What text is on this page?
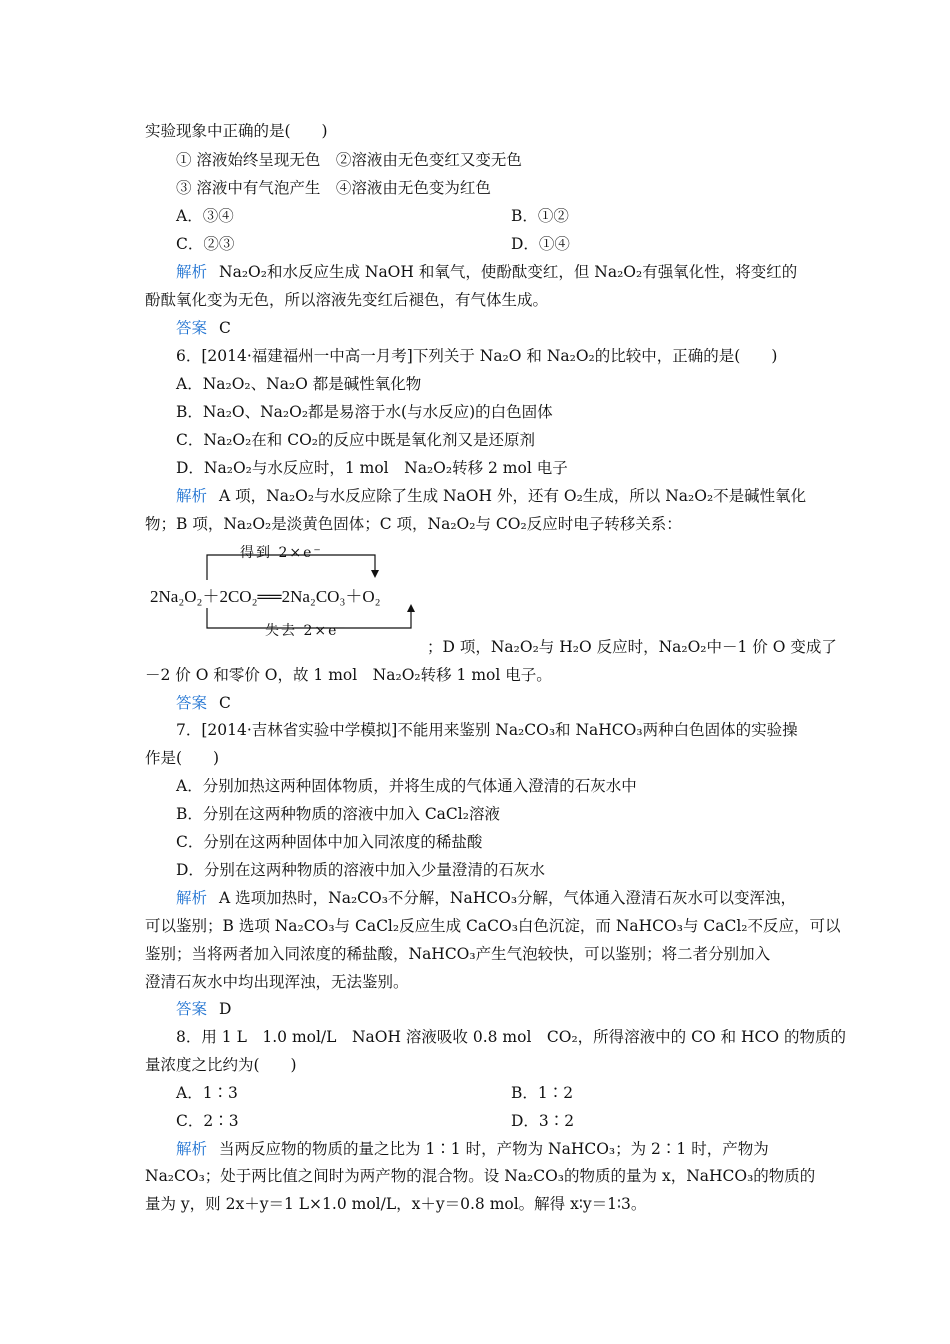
实验现象中正确的是(　　)
① 溶液始终呈现无色　②溶液由无色变红又变无色
③ 溶液中有气泡产生　④溶液由无色变为红色
A．③④	B．①②
C．②③	D．①④
解析 Na₂O₂和水反应生成 NaOH 和氧气，使酚酞变红，但 Na₂O₂有强氧化性，将变红的
酚酞氧化变为无色，所以溶液先变红后褪色，有气体生成。
答案 C
6．[2014·福建福州一中高一月考]下列关于 Na₂O 和 Na₂O₂的比较中，正确的是(　　)
A．Na₂O₂、Na₂O 都是碱性氧化物
B．Na₂O、Na₂O₂都是易溶于水(与水反应)的白色固体
C．Na₂O₂在和 CO₂的反应中既是氧化剂又是还原剂
D．Na₂O₂与水反应时，1 mol　Na₂O₂转移 2 mol 电子
解析 A 项，Na₂O₂与水反应除了生成 NaOH 外，还有 O₂生成，所以 Na₂O₂不是碱性氧化
物；B 项，Na₂O₂是淡黄色固体；C 项，Na₂O₂与 CO₂反应时电子转移关系：
得到 2×e⁻
2Na₂O₂＋2CO₂══2Na₂CO₃＋O₂
失去 2×e⁻
；D 项，Na₂O₂与 H₂O 反应时，Na₂O₂中－1 价 O 变成了
－2 价 O 和零价 O，故 1 mol　Na₂O₂转移 1 mol 电子。
答案 C
7．[2014·吉林省实验中学模拟]不能用来鉴别 Na₂CO₃和 NaHCO₃两种白色固体的实验操
作是(　　)
A．分别加热这两种固体物质，并将生成的气体通入澄清的石灰水中
B．分别在这两种物质的溶液中加入 CaCl₂溶液
C．分别在这两种固体中加入同浓度的稀盐酸
D．分别在这两种物质的溶液中加入少量澄清的石灰水
解析 A 选项加热时，Na₂CO₃不分解，NaHCO₃分解，气体通入澄清石灰水可以变浑浊，
可以鉴别；B 选项 Na₂CO₃与 CaCl₂反应生成 CaCO₃白色沉淀，而 NaHCO₃与 CaCl₂不反应，可以
鉴别；当将两者加入同浓度的稀盐酸，NaHCO₃产生气泡较快，可以鉴别；将二者分别加入
澄清石灰水中均出现浑浊，无法鉴别。
答案 D
8．用 1 L　1.0 mol/L　NaOH 溶液吸收 0.8 mol　CO₂，所得溶液中的 CO 和 HCO 的物质的
量浓度之比约为(　　)
A．1∶3	B．1∶2
C．2∶3	D．3∶2
解析 当两反应物的物质的量之比为 1∶1 时，产物为 NaHCO₃；为 2∶1 时，产物为
Na₂CO₃；处于两比值之间时为两产物的混合物。设 Na₂CO₃的物质的量为 x，NaHCO₃的物质的
量为 y，则 2x＋y＝1 L×1.0 mol/L，x＋y＝0.8 mol。解得 x∶y＝1∶3。
